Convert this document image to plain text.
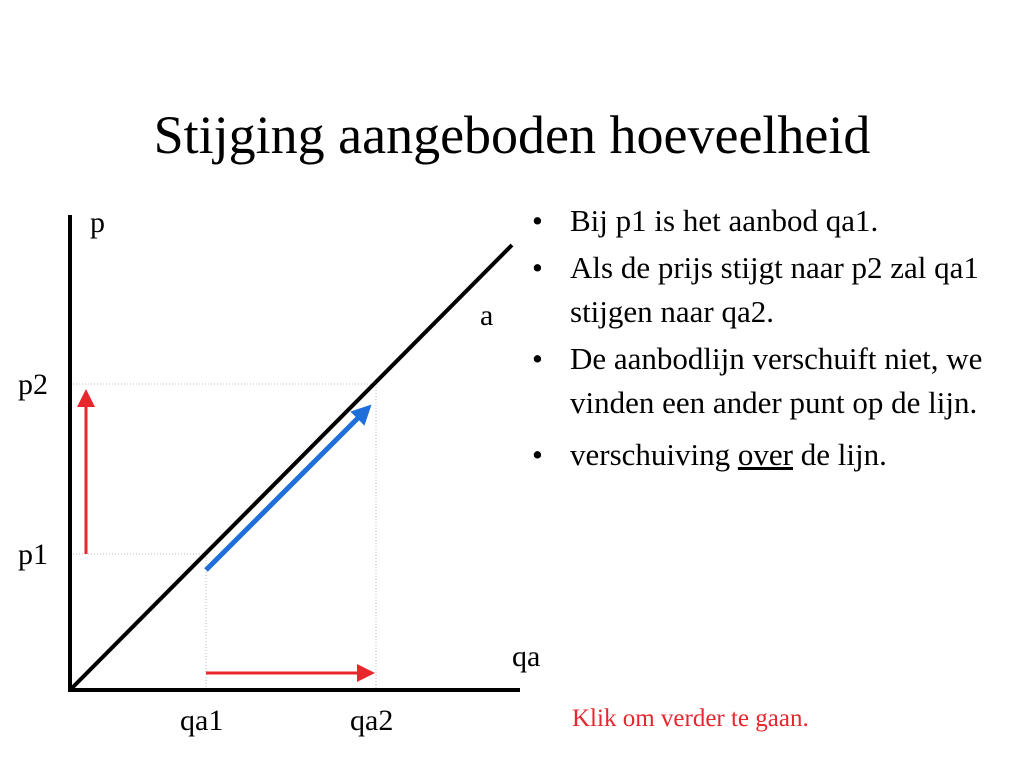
Stijging aangeboden hoeveelheid
p
qa
a
p2
p1
qa1	qa2
• Bij p1 is het aanbod qa1.
• Als de prijs stijgt naar p2 zal qa1 stijgen naar qa2.
• De aanbodlijn verschuift niet, we vinden een ander punt op de lijn.
• verschuiving over de lijn.
Klik om verder te gaan.
